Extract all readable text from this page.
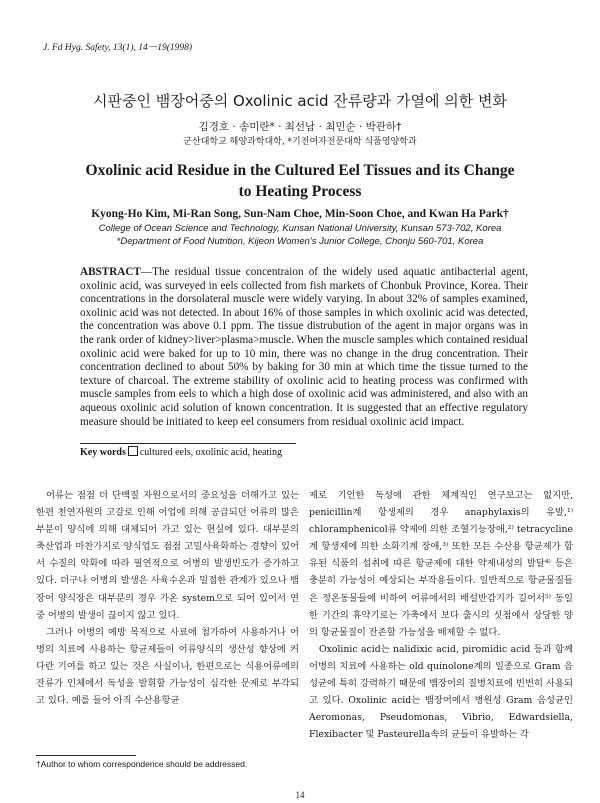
J. Fd Hyg. Safety, 13(1), 14－19(1998)
시판중인 뱀장어중의 Oxolinic acid 잔류량과 가열에 의한 변화
김경호 · 송미란* · 최선남 · 최민순 · 박관하†
군산대학교 해양과학대학, *기전여자전문대학 식품영양학과
Oxolinic acid Residue in the Cultured Eel Tissues and its Change
to Heating Process
Kyong-Ho Kim, Mi-Ran Song, Sun-Nam Choe, Min-Soon Choe, and Kwan Ha Park†
College of Ocean Science and Technology, Kunsan National University, Kunsan 573-702, Korea
*Department of Food Nutrition, Kijeon Women's Junior College, Chonju 560-701, Korea
ABSTRACT—The residual tissue concentraion of the widely used aquatic antibacterial agent, oxolinic acid, was surveyed in eels collected from fish markets of Chonbuk Province, Korea. Their concentrations in the dorsolateral muscle were widely varying. In about 32% of samples examined, oxolinic acid was not detected. In about 16% of those samples in which oxolinic acid was detected, the concentration was above 0.1 ppm. The tissue distrubution of the agent in major organs was in the rank order of kidney>liver>plasma>muscle. When the muscle samples which contained residual oxolinic acid were baked for up to 10 min, there was no change in the drug concentration. Their concentration declined to about 50% by baking for 30 min at which time the tissue turned to the texture of charcoal. The extreme stability of oxolinic acid to heating process was confirmed with muscle samples from eels to which a high dose of oxolinic acid was administered, and also with an aqueous oxolinic acid solution of known concentration. It is suggested that an effective regulatory measure should be initiated to keep eel consumers from residual oxolinic acid impact.
Key words cultured eels, oxolinic acid, heating

어류는 점점 더 단백질 자원으로서의 중요성을 더해가고 있는 한편 천연자원의 고갈로 인해 어업에 의해 공급되던 어류의 많은 부분이 양식에 의해 대체되어 가고 있는 현실에 있다. 대부분의 축산업과 마찬가지로 양식업도 점점 고밀사육화하는 경향이 있어서 수질의 악화에 따라 필연적으로 어병의 발생빈도가 증가하고 있다. 더구나 어병의 발생은 사육수온과 밀접한 관계가 있으나 뱀장어 양식장은 대부분의 경우 가온 system으로 되어 있어서 연중 어병의 발생이 끊이지 않고 있다.

그러나 어병의 예방 목적으로 사료에 첨가하여 사용하거나 어병의 치료에 사용하는 항균제들이 어류양식의 생산성 향상에 커다란 기여를 하고 있는 것은 사실이나, 한편으로는 식용어류에의 잔류가 인체에서 독성을 발휘할 가능성이 심각한 문제로 부각되고 있다. 예를 들어 아직 수산용항균

제로 기인한 독성에 관한 체계적인 연구보고는 없지만, penicillin계 항생제의 경우 anaphylaxis의 유발,¹⁾ chloramphenicol류 약제에 의한 조혈기능장애,²⁾ tetracycline계 항생제에 의한 소화기계 장애,³⁾ 또한 모든 수산용 항균제가 함유된 식품의 섭취에 따른 항균제에 대한 약제내성의 발달⁴⁾ 등은 충분히 가능성이 예상되는 부작용들이다. 일반적으로 항균물질들은 정온동물들에 비하여 어류에서의 배설반감기가 길어서⁵⁾ 동일한 기간의 휴약기로는 가축에서 보다 출시의 싯점에서 상당한 양의 항균물질이 잔존할 가능성을 배제할 수 없다.

Oxolinic acid는 nalidixic acid, piromidic acid 등과 함께 어병의 치료에 사용하는 old quinolone계의 일종으로 Gram 음성균에 특히 강력하기 때문에 뱀장어의 질병치료에 빈번히 사용되고 있다. Oxolinic acid는 뱀장어에서 병원성 Gram 음성균인 Aeromonas, Pseudomonas, Vibrio, Edwardsiella, Flexibacter 및 Pasteurella속의 균들이 유발하는 각

†Author to whom correspondence should be addressed.
14
